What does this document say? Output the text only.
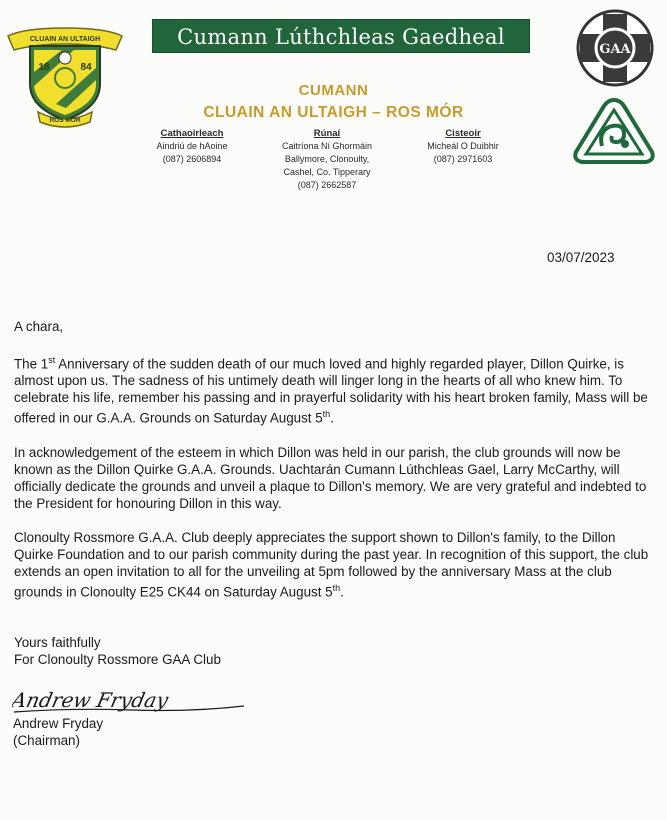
CLUAIN AN ULTAIGH
18	84
ROS MÓR
Cumann Lúthchleas Gaedheal
GAA
CUMANN
CLUAIN AN ULTAIGH – ROS MÓR
Cathaoirleach
Aindriú de hAoine
(087) 2606894
Rúnaí
Caitríona Ní Ghormáin
Ballymore, Clonoulty,
Cashel, Co. Tipperary
(087) 2662587
Cisteoir
Micheál O Duibhir
(087) 2971603
03/07/2023

A chara,

The 1st Anniversary of the sudden death of our much loved and highly regarded player, Dillon Quirke, is almost upon us. The sadness of his untimely death will linger long in the hearts of all who knew him. To celebrate his life, remember his passing and in prayerful solidarity with his heart broken family, Mass will be offered in our G.A.A. Grounds on Saturday August 5th.

In acknowledgement of the esteem in which Dillon was held in our parish, the club grounds will now be known as the Dillon Quirke G.A.A. Grounds. Uachtarán Cumann Lúthchleas Gael, Larry McCarthy, will officially dedicate the grounds and unveil a plaque to Dillon's memory. We are very grateful and indebted to the President for honouring Dillon in this way.

Clonoulty Rossmore G.A.A. Club deeply appreciates the support shown to Dillon's family, to the Dillon Quirke Foundation and to our parish community during the past year. In recognition of this support, the club extends an open invitation to all for the unveiling at 5pm followed by the anniversary Mass at the club grounds in Clonoulty E25 CK44 on Saturday August 5th.

Yours faithfully
For Clonoulty Rossmore GAA Club
Andrew Fryday
Andrew Fryday
(Chairman)
